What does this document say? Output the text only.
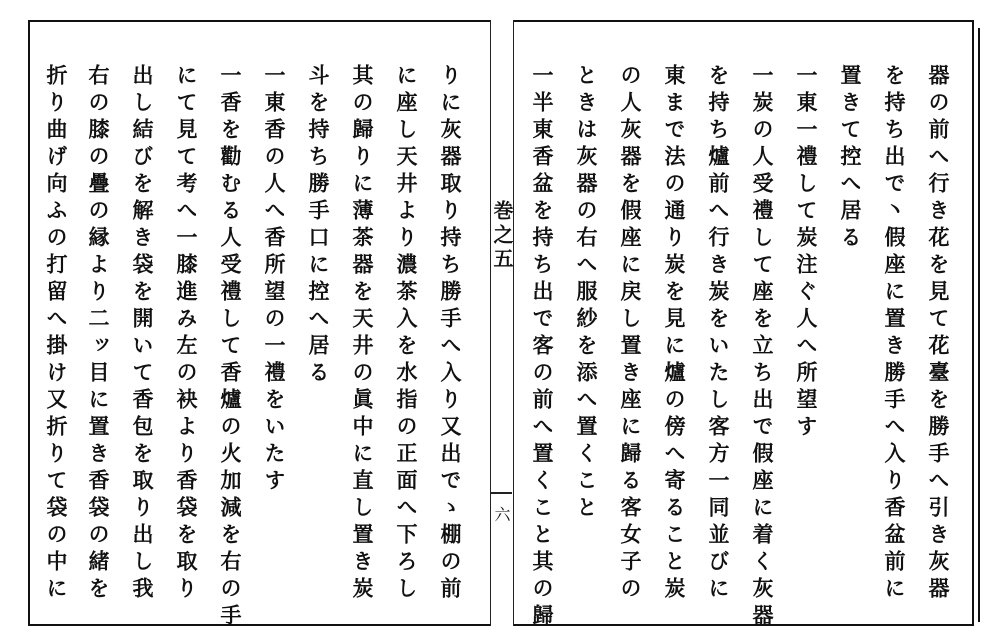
りに灰器取り持ち勝手へ入り又出でゝ棚の前
に座し天井より濃茶入を水指の正面へ下ろし
其の歸りに薄茶器を天井の眞中に直し置き炭
斗を持ち勝手口に控へ居る
一東香の人へ香所望の一禮をいたす
一香を勸むる人受禮して香爐の火加減を右の手
にて見て考へ一膝進み左の袂より香袋を取り
出し結びを解き袋を開いて香包を取り出し我
右の膝の疊の縁より二ッ目に置き香袋の緒を
折り曲げ向ふの打留へ掛け又折りて袋の中に	巻之五
六	器の前へ行き花を見て花臺を勝手へ引き灰器
を持ち出で丶假座に置き勝手へ入り香盆前に
置きて控へ居る
一東一禮して炭注ぐ人へ所望す
一炭の人受禮して座を立ち出で假座に着く灰器
を持ち爐前へ行き炭をいたし客方一同並びに
東まで法の通り炭を見に爐の傍へ寄ること炭
の人灰器を假座に戻し置き座に歸る客女子の
ときは灰器の右へ服紗を添へ置くこと
一半東香盆を持ち出で客の前へ置くこと其の歸
